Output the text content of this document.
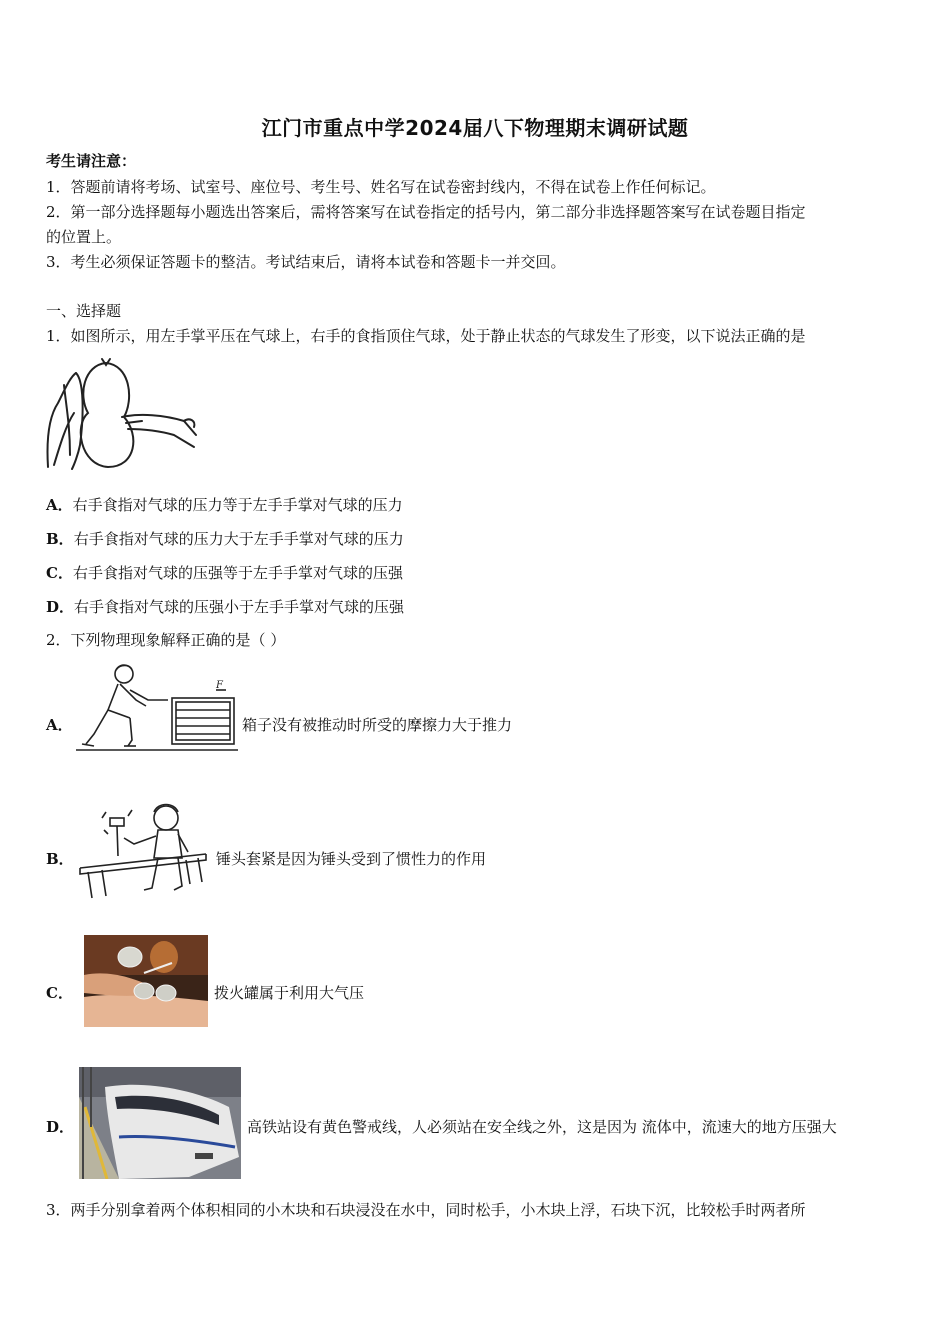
江门市重点中学2024届八下物理期末调研试题
考生请注意：
1．答题前请将考场、试室号、座位号、考生号、姓名写在试卷密封线内，不得在试卷上作任何标记。
2．第一部分选择题每小题选出答案后，需将答案写在试卷指定的括号内，第二部分非选择题答案写在试卷题目指定
的位置上。
3．考生必须保证答题卡的整洁。考试结束后，请将本试卷和答题卡一并交回。
一、选择题
1．如图所示，用左手掌平压在气球上，右手的食指顶住气球，处于静止状态的气球发生了形变，以下说法正确的是
A．右手食指对气球的压力等于左手手掌对气球的压力
B．右手食指对气球的压力大于左手手掌对气球的压力
C．右手食指对气球的压强等于左手手掌对气球的压强
D．右手食指对气球的压强小于左手手掌对气球的压强
2．下列物理现象解释正确的是（ ）
A．
F
箱子没有被推动时所受的摩擦力大于推力
B．	锤头套紧是因为锤头受到了惯性力的作用
C．	拨火罐属于利用大气压
D．	高铁站设有黄色警戒线，人必须站在安全线之外，这是因为 流体中，流速大的地方压强大
3．两手分别拿着两个体积相同的小木块和石块浸没在水中，同时松手，小木块上浮，石块下沉，比较松手时两者所
